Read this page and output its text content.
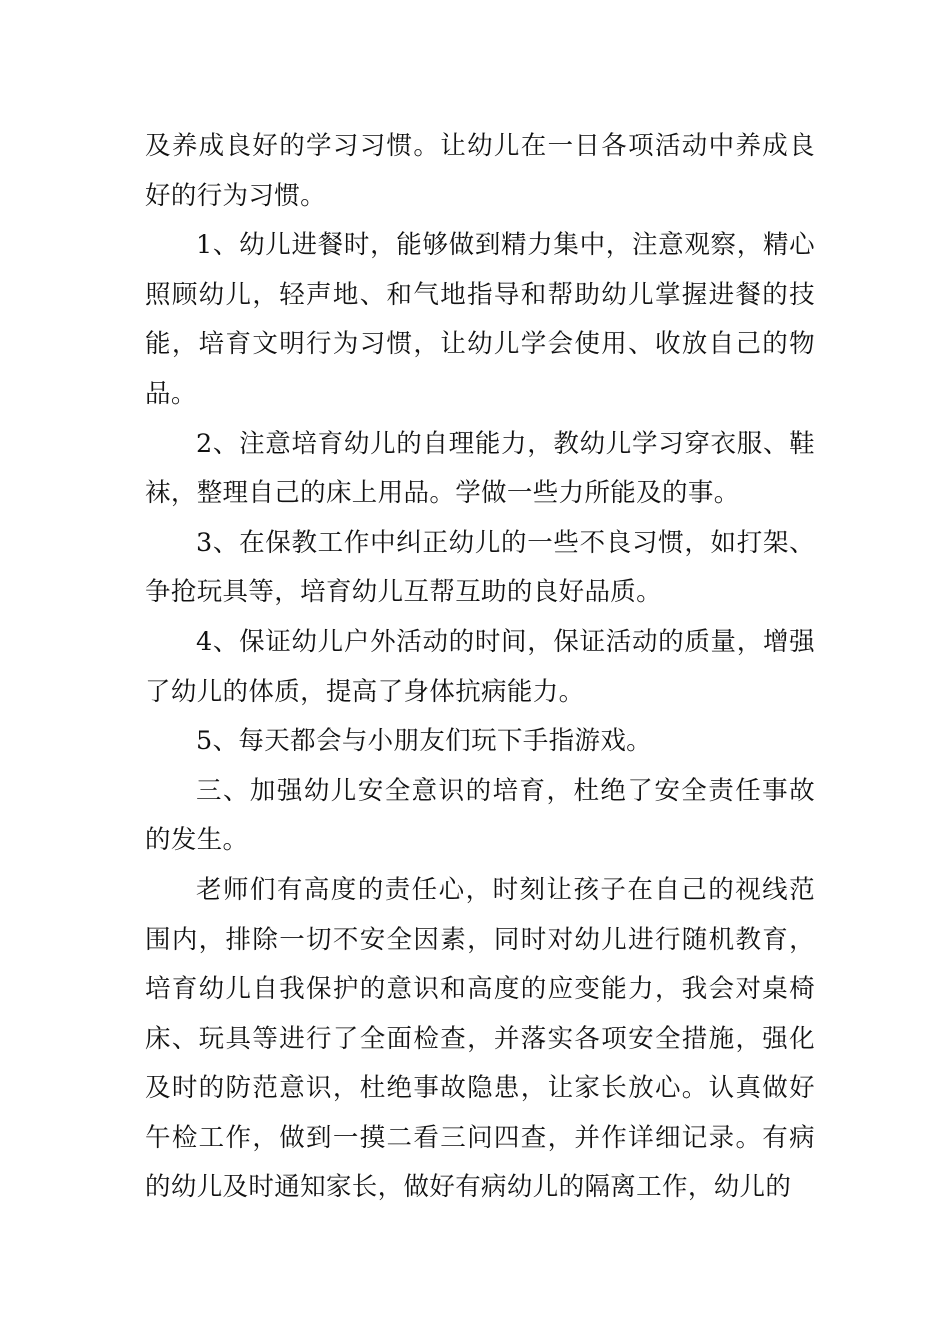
及养成良好的学习习惯。让幼儿在一日各项活动中养成良好的行为习惯。

1、幼儿进餐时，能够做到精力集中，注意观察，精心照顾幼儿，轻声地、和气地指导和帮助幼儿掌握进餐的技能，培育文明行为习惯，让幼儿学会使用、收放自己的物品。

2、注意培育幼儿的自理能力，教幼儿学习穿衣服、鞋袜，整理自己的床上用品。学做一些力所能及的事。

3、在保教工作中纠正幼儿的一些不良习惯，如打架、争抢玩具等，培育幼儿互帮互助的良好品质。

4、保证幼儿户外活动的时间，保证活动的质量，增强了幼儿的体质，提高了身体抗病能力。

5、每天都会与小朋友们玩下手指游戏。

三、加强幼儿安全意识的培育，杜绝了安全责任事故的发生。

老师们有高度的责任心，时刻让孩子在自己的视线范围内，排除一切不安全因素，同时对幼儿进行随机教育，培育幼儿自我保护的意识和高度的应变能力，我会对桌椅床、玩具等进行了全面检查，并落实各项安全措施，强化及时的防范意识，杜绝事故隐患，让家长放心。认真做好午检工作，做到一摸二看三问四查，并作详细记录。有病的幼儿及时通知家长，做好有病幼儿的隔离工作，幼儿的
